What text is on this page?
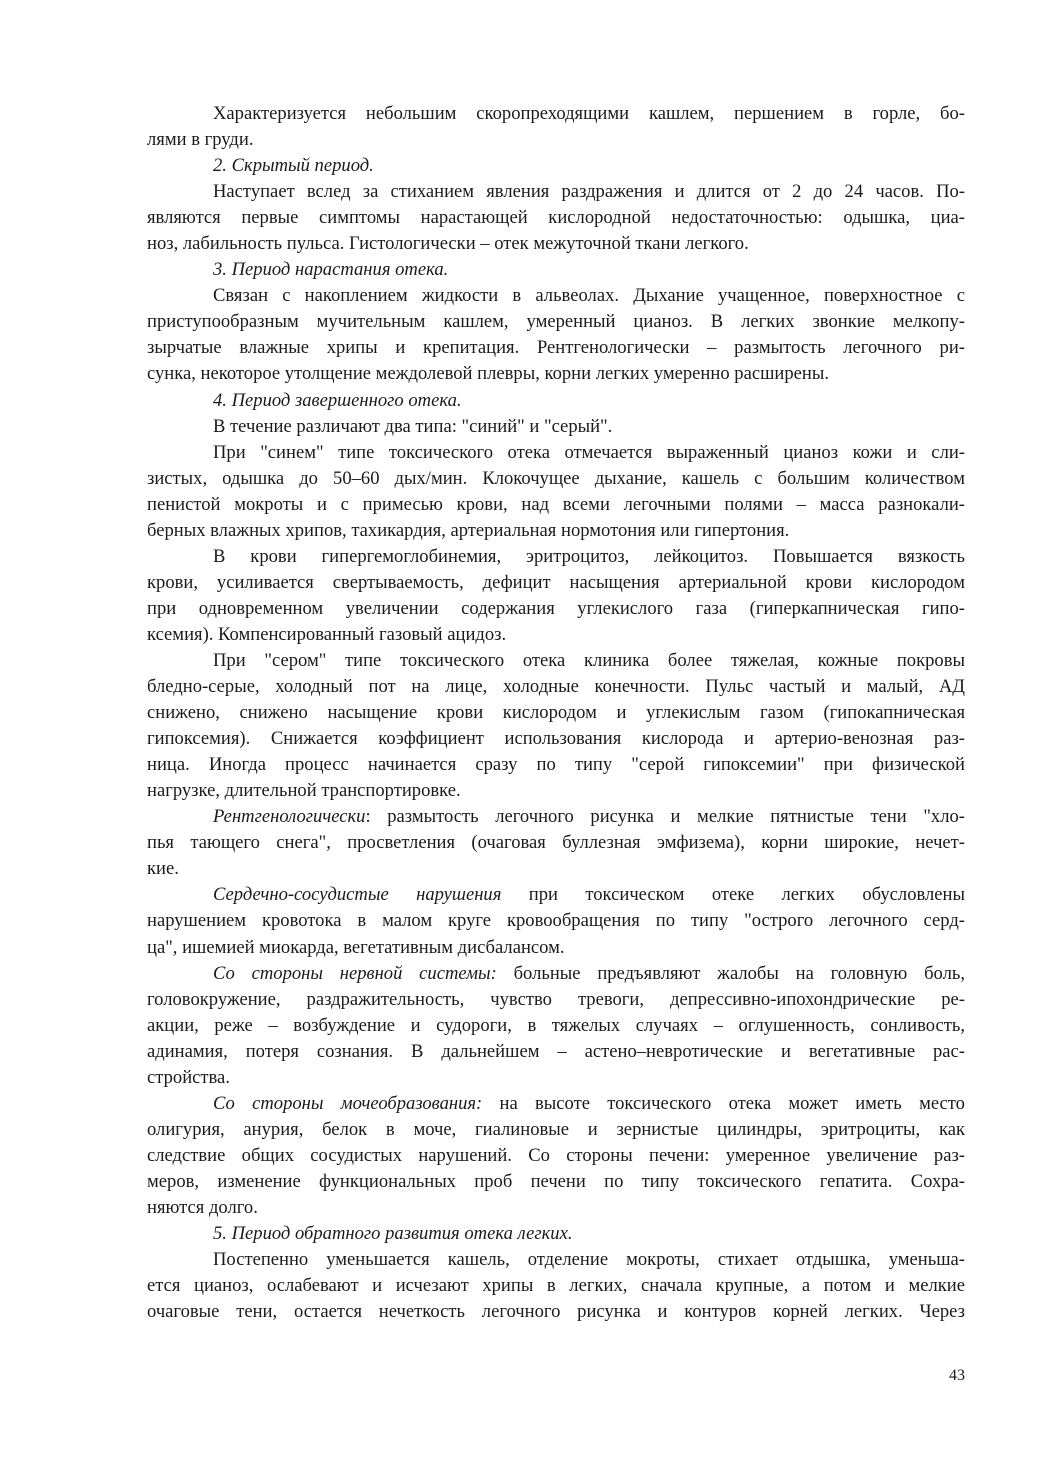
Характеризуется небольшим скоропреходящими кашлем, першением в горле, бо-
лями в груди.
2. Скрытый период.
Наступает вслед за стиханием явления раздражения и длится от 2 до 24 часов. По-
являются первые симптомы нарастающей кислородной недостаточностью: одышка, циа-
ноз, лабильность пульса. Гистологически – отек межуточной ткани легкого.
3. Период нарастания отека.
Связан с накоплением жидкости в альвеолах. Дыхание учащенное, поверхностное с
приступообразным мучительным кашлем, умеренный цианоз. В легких звонкие мелкопу-
зырчатые влажные хрипы и крепитация. Рентгенологически – размытость легочного ри-
сунка, некоторое утолщение междолевой плевры, корни легких умеренно расширены.
4. Период завершенного отека.
В течение различают два типа: "синий" и "серый".
При "синем" типе токсического отека отмечается выраженный цианоз кожи и сли-
зистых, одышка до 50–60 дых/мин. Клокочущее дыхание, кашель с большим количеством
пенистой мокроты и с примесью крови, над всеми легочными полями – масса разнокали-
берных влажных хрипов, тахикардия, артериальная нормотония или гипертония.
В крови гипергемоглобинемия, эритроцитоз, лейкоцитоз. Повышается вязкость
крови, усиливается свертываемость, дефицит насыщения артериальной крови кислородом
при одновременном увеличении содержания углекислого газа (гиперкапническая гипо-
ксемия). Компенсированный газовый ацидоз.
При "сером" типе токсического отека клиника более тяжелая, кожные покровы
бледно-серые, холодный пот на лице, холодные конечности. Пульс частый и малый, АД
снижено, снижено насыщение крови кислородом и углекислым газом (гипокапническая
гипоксемия). Снижается коэффициент использования кислорода и артерио-венозная раз-
ница. Иногда процесс начинается сразу по типу "серой гипоксемии" при физической
нагрузке, длительной транспортировке.
Рентгенологически: размытость легочного рисунка и мелкие пятнистые тени "хло-
пья тающего снега", просветления (очаговая буллезная эмфизема), корни широкие, нечет-
кие.
Сердечно-сосудистые нарушения при токсическом отеке легких обусловлены
нарушением кровотока в малом круге кровообращения по типу "острого легочного серд-
ца", ишемией миокарда, вегетативным дисбалансом.
Со стороны нервной системы: больные предъявляют жалобы на головную боль,
головокружение, раздражительность, чувство тревоги, депрессивно-ипохондрические ре-
акции, реже – возбуждение и судороги, в тяжелых случаях – оглушенность, сонливость,
адинамия, потеря сознания. В дальнейшем – астено–невротические и вегетативные рас-
стройства.
Со стороны мочеобразования: на высоте токсического отека может иметь место
олигурия, анурия, белок в моче, гиалиновые и зернистые цилиндры, эритроциты, как
следствие общих сосудистых нарушений. Со стороны печени: умеренное увеличение раз-
меров, изменение функциональных проб печени по типу токсического гепатита. Сохра-
няются долго.
5. Период обратного развития отека легких.
Постепенно уменьшается кашель, отделение мокроты, стихает отдышка, уменьша-
ется цианоз, ослабевают и исчезают хрипы в легких, сначала крупные, а потом и мелкие
очаговые тени, остается нечеткость легочного рисунка и контуров корней легких. Через
43
